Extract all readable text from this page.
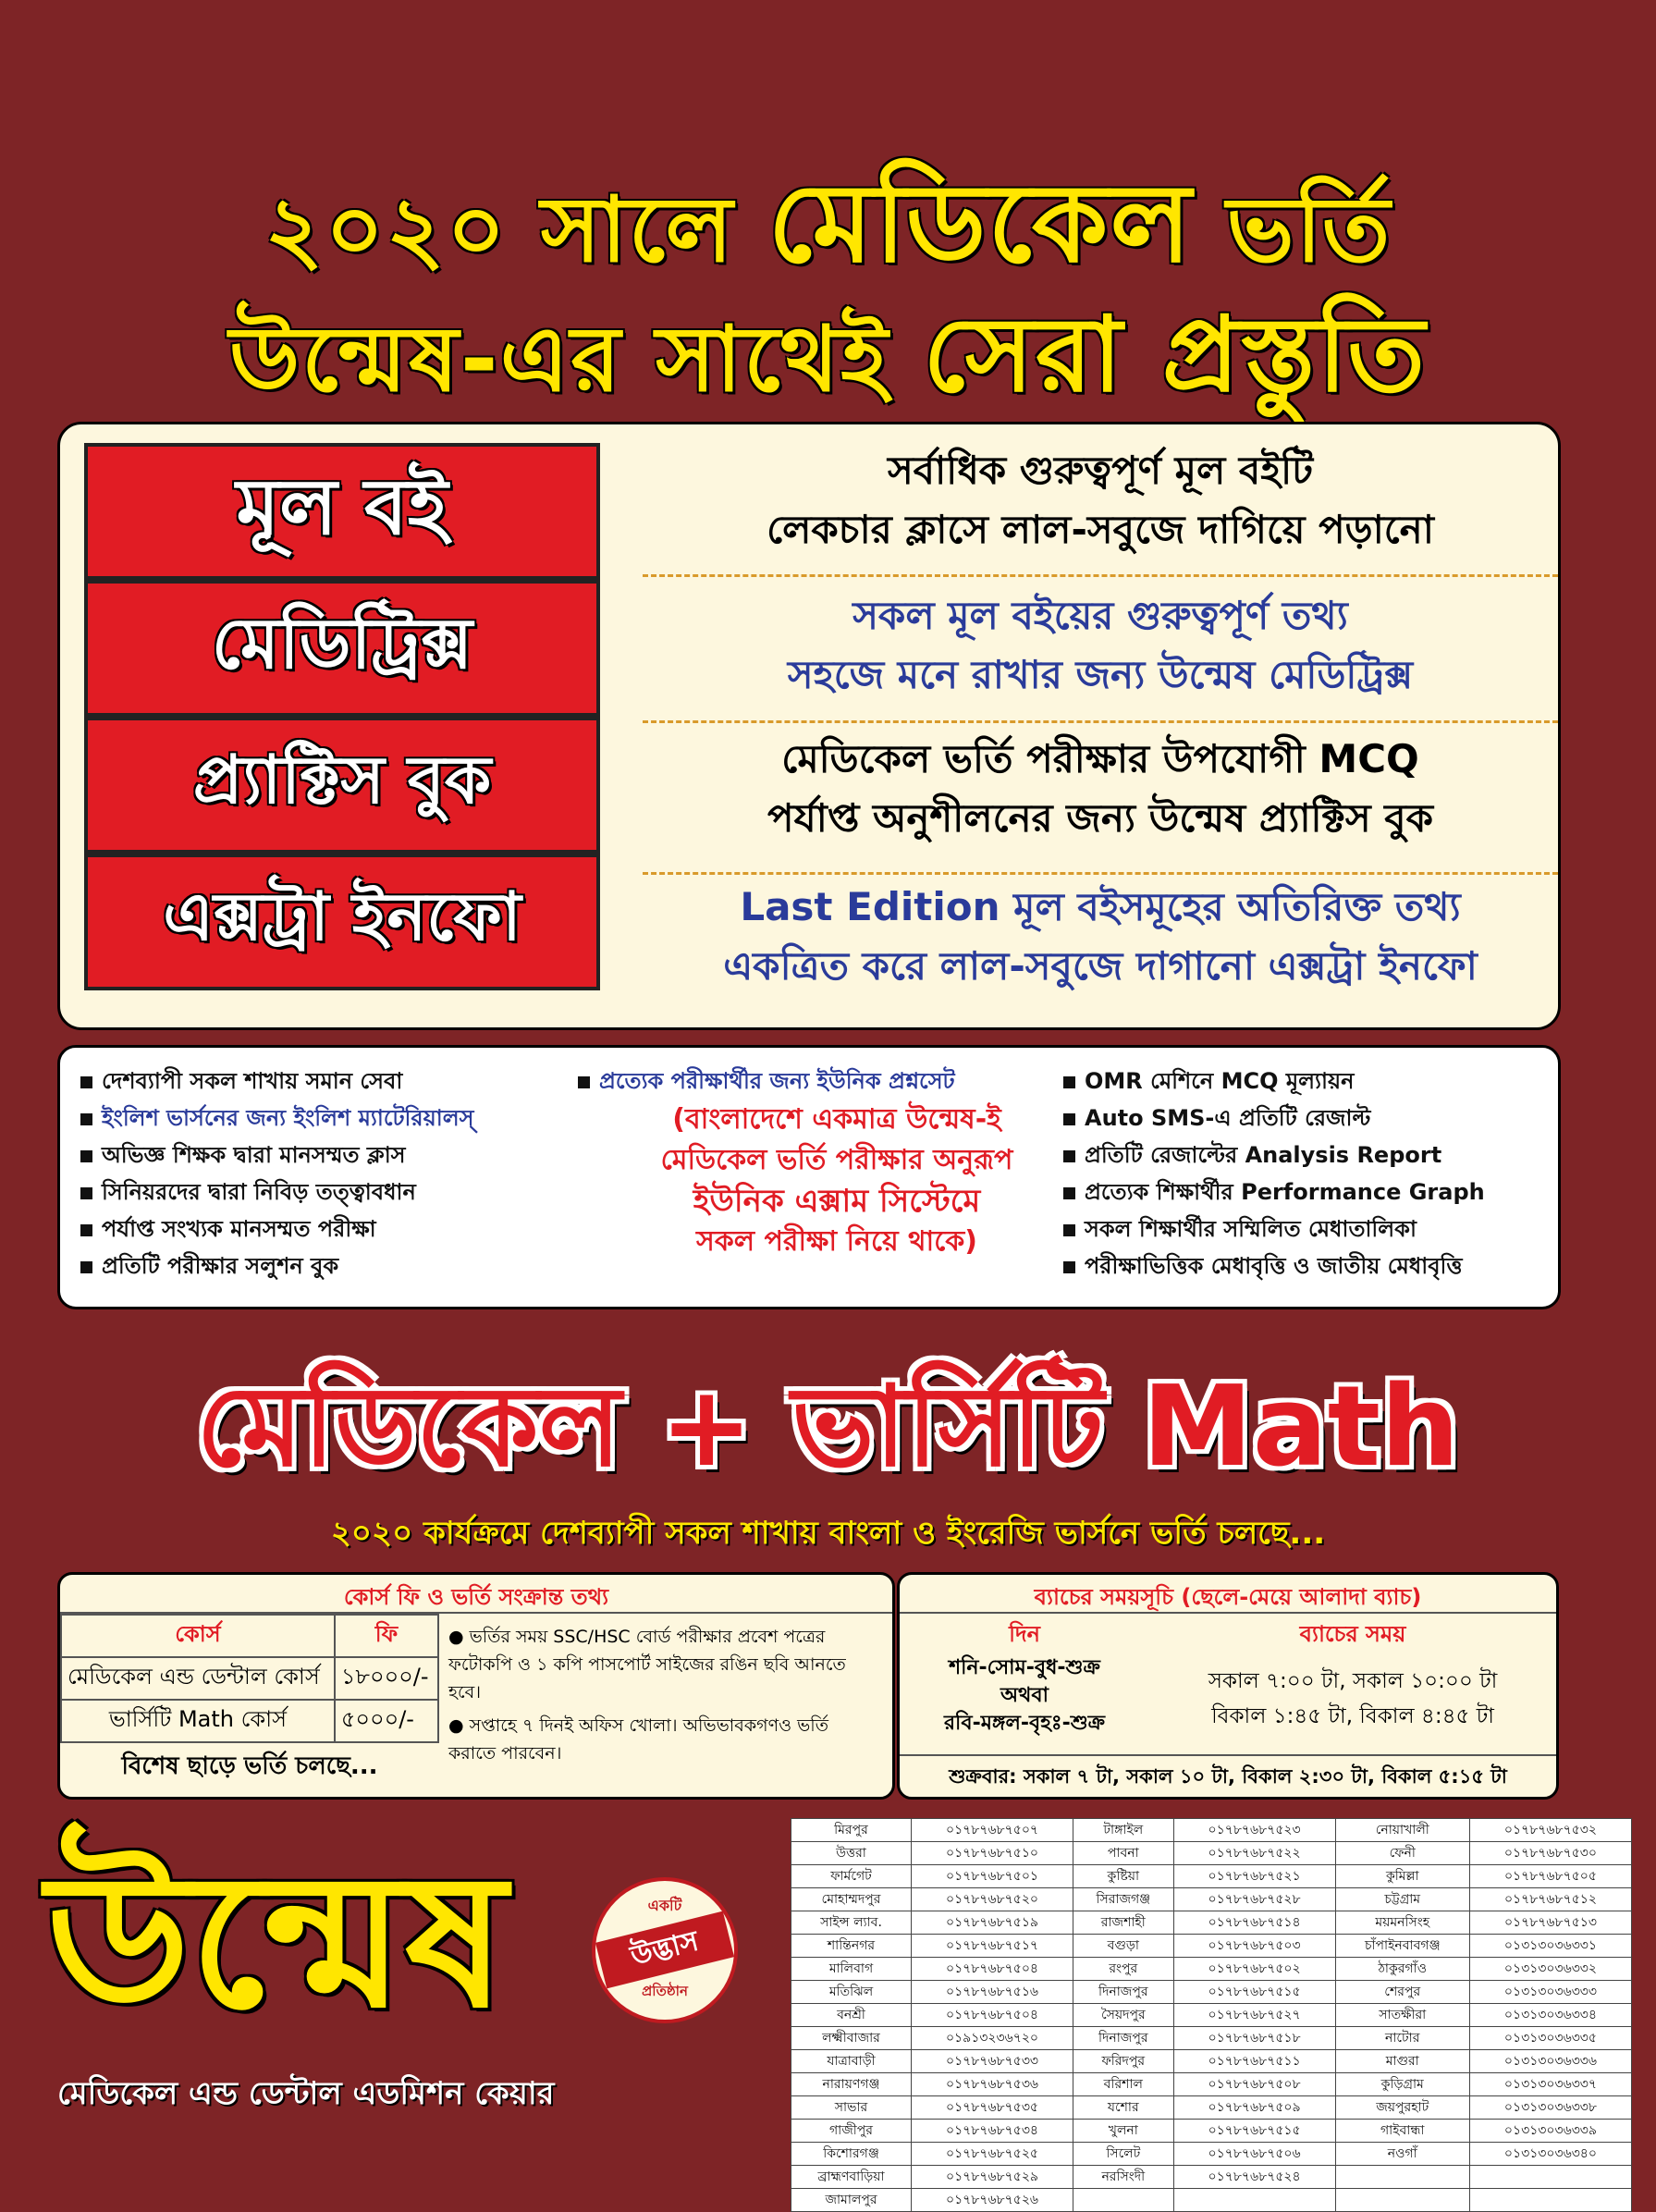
২০২০ সালে মেডিকেল ভর্তি
উন্মেষ-এর সাথেই সেরা প্রস্তুতি
মূল বই
মেডিট্রিক্স
প্র্যাক্টিস বুক
এক্সট্রা ইনফো
সর্বাধিক গুরুত্বপূর্ণ মূল বইটি
লেকচার ক্লাসে লাল-সবুজে দাগিয়ে পড়ানো
সকল মূল বইয়ের গুরুত্বপূর্ণ তথ্য
সহজে মনে রাখার জন্য উন্মেষ মেডিট্রিক্স
মেডিকেল ভর্তি পরীক্ষার উপযোগী MCQ
পর্যাপ্ত অনুশীলনের জন্য উন্মেষ প্র্যাক্টিস বুক
Last Edition মূল বইসমূহের অতিরিক্ত তথ্য
একত্রিত করে লাল-সবুজে দাগানো এক্সট্রা ইনফো
দেশব্যাপী সকল শাখায় সমান সেবা
ইংলিশ ভার্সনের জন্য ইংলিশ ম্যাটেরিয়ালস্‌
অভিজ্ঞ শিক্ষক দ্বারা মানসম্মত ক্লাস
সিনিয়রদের দ্বারা নিবিড় তত্ত্বাবধান
পর্যাপ্ত সংখ্যক মানসম্মত পরীক্ষা
প্রতিটি পরীক্ষার সলুশন বুক
প্রত্যেক পরীক্ষার্থীর জন্য ইউনিক প্রশ্নসেট
(বাংলাদেশে একমাত্র উন্মেষ-ই
মেডিকেল ভর্তি পরীক্ষার অনুরূপ
ইউনিক এক্সাম সিস্টেমে
সকল পরীক্ষা নিয়ে থাকে)
OMR মেশিনে MCQ মূল্যায়ন
Auto SMS-এ প্রতিটি রেজাল্ট
প্রতিটি রেজাল্টের Analysis Report
প্রত্যেক শিক্ষার্থীর Performance Graph
সকল শিক্ষার্থীর সম্মিলিত মেধাতালিকা
পরীক্ষাভিত্তিক মেধাবৃত্তি ও জাতীয় মেধাবৃত্তি
মেডিকেল + ভার্সিটি Math
২০২০ কার্যক্রমে দেশব্যাপী সকল শাখায় বাংলা ও ইংরেজি ভার্সনে ভর্তি চলছে...
কোর্স ফি ও ভর্তি সংক্রান্ত তথ্য
কোর্স	ফি
মেডিকেল এন্ড ডেন্টাল কোর্স	১৮০০০/-
ভার্সিটি Math কোর্স	৫০০০/-
বিশেষ ছাড়ে ভর্তি চলছে...
● ভর্তির সময় SSC/HSC বোর্ড পরীক্ষার প্রবেশ পত্রের ফটোকপি ও ১ কপি পাসপোর্ট সাইজের রঙিন ছবি আনতে হবে।
● সপ্তাহে ৭ দিনই অফিস খোলা। অভিভাবকগণও ভর্তি করাতে পারবেন।
ব্যাচের সময়সূচি (ছেলে-মেয়ে আলাদা ব্যাচ)
দিন	ব্যাচের সময়
শনি-সোম-বুধ-শুক্র
অথবা
রবি-মঙ্গল-বৃহঃ-শুক্র
সকাল ৭:০০ টা, সকাল ১০:০০ টা
বিকাল ১:৪৫ টা, বিকাল ৪:৪৫ টা
শুক্রবার: সকাল ৭ টা, সকাল ১০ টা, বিকাল ২:৩০ টা, বিকাল ৫:১৫ টা
উন্মেষ	একটি
উদ্ভাস
প্রতিষ্ঠান
মেডিকেল এন্ড ডেন্টাল এডমিশন কেয়ার
মিরপুর	০১৭৮৭৬৮৭৫০৭	টাঙ্গাইল	০১৭৮৭৬৮৭৫২৩	নোয়াখালী	০১৭৮৭৬৮৭৫৩২
উত্তরা	০১৭৮৭৬৮৭৫১০	পাবনা	০১৭৮৭৬৮৭৫২২	ফেনী	০১৭৮৭৬৮৭৫৩০
ফার্মগেট	০১৭৮৭৬৮৭৫০১	কুষ্টিয়া	০১৭৮৭৬৮৭৫২১	কুমিল্লা	০১৭৮৭৬৮৭৫০৫
মোহাম্মদপুর	০১৭৮৭৬৮৭৫২০	সিরাজগঞ্জ	০১৭৮৭৬৮৭৫২৮	চট্টগ্রাম	০১৭৮৭৬৮৭৫১২
সাইন্স ল্যাব.	০১৭৮৭৬৮৭৫১৯	রাজশাহী	০১৭৮৭৬৮৭৫১৪	ময়মনসিংহ	০১৭৮৭৬৮৭৫১৩
শান্তিনগর	০১৭৮৭৬৮৭৫১৭	বগুড়া	০১৭৮৭৬৮৭৫০৩	চাঁপাইনবাবগঞ্জ	০১৩১৩০৩৬৩৩১
মালিবাগ	০১৭৮৭৬৮৭৫০৪	রংপুর	০১৭৮৭৬৮৭৫০২	ঠাকুরগাঁও	০১৩১৩০৩৬৩৩২
মতিঝিল	০১৭৮৭৬৮৭৫১৬	দিনাজপুর	০১৭৮৭৬৮৭৫১৫	শেরপুর	০১৩১৩০৩৬৩৩৩
বনশ্রী	০১৭৮৭৬৮৭৫০৪	সৈয়দপুর	০১৭৮৭৬৮৭৫২৭	সাতক্ষীরা	০১৩১৩০৩৬৩৩৪
লক্ষ্মীবাজার	০১৯১৩২৩৬৭২০	দিনাজপুর	০১৭৮৭৬৮৭৫১৮	নাটোর	০১৩১৩০৩৬৩৩৫
যাত্রাবাড়ী	০১৭৮৭৬৮৭৫৩৩	ফরিদপুর	০১৭৮৭৬৮৭৫১১	মাগুরা	০১৩১৩০৩৬৩৩৬
নারায়ণগঞ্জ	০১৭৮৭৬৮৭৫৩৬	বরিশাল	০১৭৮৭৬৮৭৫০৮	কুড়িগ্রাম	০১৩১৩০৩৬৩৩৭
সাভার	০১৭৮৭৬৮৭৫৩৫	যশোর	০১৭৮৭৬৮৭৫০৯	জয়পুরহাট	০১৩১৩০৩৬৩৩৮
গাজীপুর	০১৭৮৭৬৮৭৫৩৪	খুলনা	০১৭৮৭৬৮৭৫১৫	গাইবান্ধা	০১৩১৩০৩৬৩৩৯
কিশোরগঞ্জ	০১৭৮৭৬৮৭৫২৫	সিলেট	০১৭৮৭৬৮৭৫০৬	নওগাঁ	০১৩১৩০৩৬৩৪০
ব্রাহ্মণবাড়িয়া	০১৭৮৭৬৮৭৫২৯	নরসিংদী	০১৭৮৭৬৮৭৫২৪		
জামালপুর	০১৭৮৭৬৮৭৫২৬				
